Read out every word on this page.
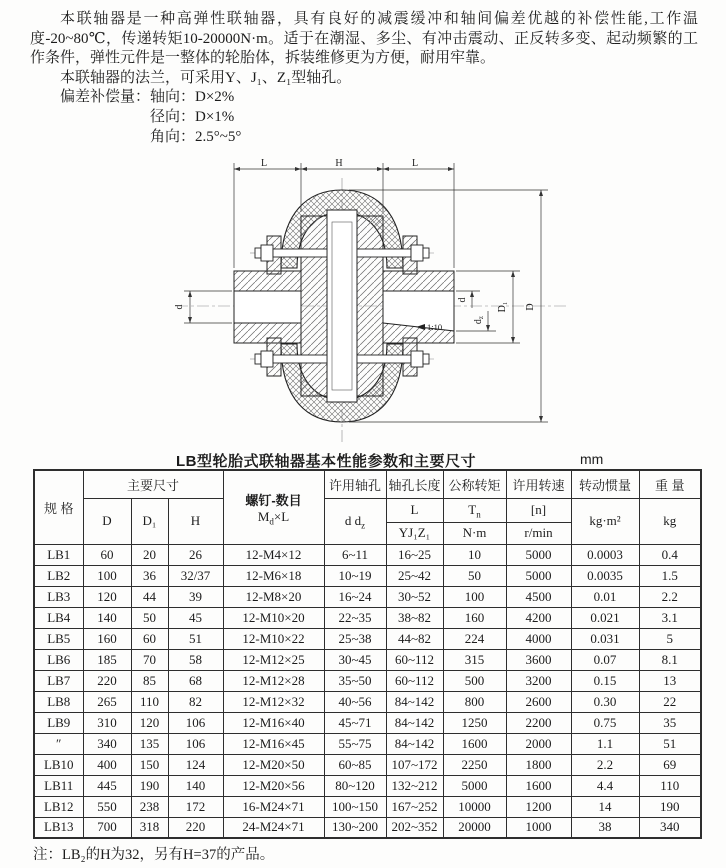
本联轴器是一种高弹性联轴器，具有良好的减震缓冲和轴间偏差优越的补偿性能,工作温度-20~80℃，传递转矩10-20000N·m。适于在潮湿、多尘、有冲击震动、正反转多变、起动频繁的工作条件，弹性元件是一整体的轮胎体，拆装维修更为方便，耐用牢靠。

本联轴器的法兰，可采用Y、J₁、Z₁型轴孔。

偏差补偿量：轴向：D×2%

径向：D×1%

角向：2.5°~5°

L	H	L
d
d
$d_z$
D₁ D
1:10
LB型轮胎式联轴器基本性能参数和主要尺寸	mm
规 格	主要尺寸			螺钉-数目
$M_d\times L$	许用轴孔	轴孔长度	公称转矩	许用转速	转动惯量	重 量
	D	D₁	H		d $d_z$	L	$T_n$	[n]	kg·m²	kg
						YJ₁Z₁	N·m	r/min		
LB1	60	20	26	12-M4×12	6~11	16~25	10	5000	0.0003	0.4
LB2	100	36	32/37	12-M6×18	10~19	25~42	50	5000	0.0035	1.5
LB3	120	44	39	12-M8×20	16~24	30~52	100	4500	0.01	2.2
LB4	140	50	45	12-M10×20	22~35	38~82	160	4200	0.021	3.1
LB5	160	60	51	12-M10×22	25~38	44~82	224	4000	0.031	5
LB6	185	70	58	12-M12×25	30~45	60~112	315	3600	0.07	8.1
LB7	220	85	68	12-M12×28	35~50	60~112	500	3200	0.15	13
LB8	265	110	82	12-M12×32	40~56	84~142	800	2600	0.30	22
LB9	310	120	106	12-M16×40	45~71	84~142	1250	2200	0.75	35
″	340	135	106	12-M16×45	55~75	84~142	1600	2000	1.1	51
LB10	400	150	124	12-M20×50	60~85	107~172	2250	1800	2.2	69
LB11	445	190	140	12-M20×56	80~120	132~212	5000	1600	4.4	110
LB12	550	238	172	16-M24×71	100~150	167~252	10000	1200	14	190
LB13	700	318	220	24-M24×71	130~200	202~352	20000	1000	38	340

注：LB₂的H为32，另有H=37的产品。
